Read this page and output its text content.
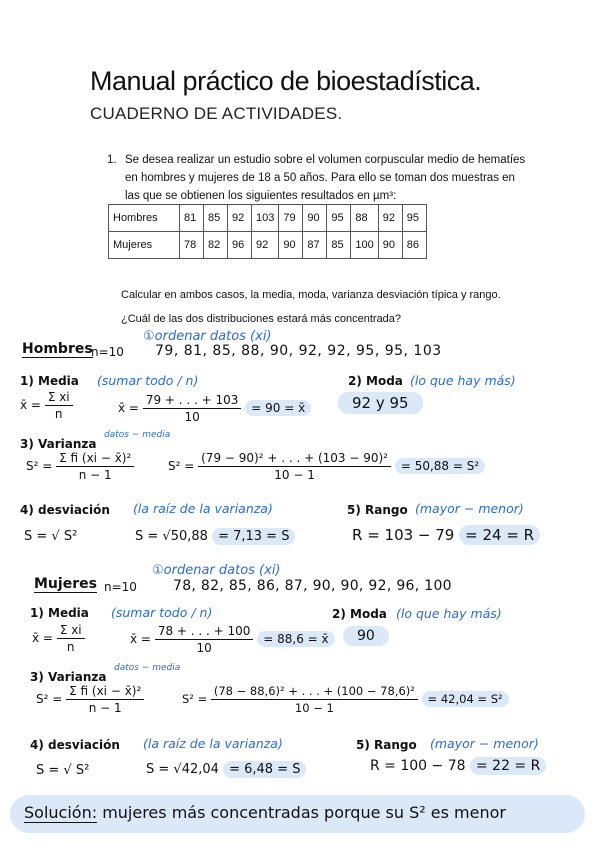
Manual práctico de bioestadística.
CUADERNO DE ACTIVIDADES.
1. Se desea realizar un estudio sobre el volumen corpuscular medio de hematíes en hombres y mujeres de 18 a 50 años. Para ello se toman dos muestras en las que se obtienen los siguientes resultados en µm³:
Hombres	81	85	92	103	79	90	95	88	92	95
Mujeres	78	82	96	92	90	87	85	100	90	86
Calcular en ambos casos, la media, moda, varianza desviación típica y rango.
¿Cuál de las dos distribuciones estará más concentrada?
①ordenar datos (xi)
Hombres
n=10 79, 81, 85, 88, 90, 92, 92, 95, 95, 103
1) Media (sumar todo / n)
x̄ = $\frac{\text{Σ xi}}{n}$	x̄ = $\frac{79 + . . . + 103}{10} = 90$ = x̄
2) Moda (lo que hay más)
92 y 95
3) Varianza
datos − media
$S^2 = \frac{\text{Σ fi (xi − x̄)²}}{n - 1}$	$S^2 = \frac{\text{(79 − 90)² + . . . + (103 − 90)²}}{10 - 1} = 50,88 = S^2$
4) desviación (la raíz de la varianza)
S = √ S²	S = √50,88 = 7,13 = S
5) Rango (mayor − menor)
R = 103 − 79 = 24 = R
①ordenar datos (xi)
Mujeres n=10	78, 82, 85, 86, 87, 90, 90, 92, 96, 100
1) Media (sumar todo / n)
x̄ = $\frac{\text{Σ xi}}{n}$	x̄ = $\frac{78 + . . . + 100}{10} = 88,6$ = x̄
2) Moda (lo que hay más)
90
3) Varianza
datos − media
$S^2 = \frac{\text{Σ fi (xi − x̄)²}}{n - 1}$	$S^2 = \frac{\text{(78 − 88,6)² + . . . + (100 − 78,6)²}}{10 - 1} = 42,04 = S^2$
4) desviación (la raíz de la varianza)
S = √ S²	S = √42,04 = 6,48 = S
5) Rango (mayor − menor)
R = 100 − 78 = 22 = R
Solución: mujeres más concentradas porque su S² es menor
